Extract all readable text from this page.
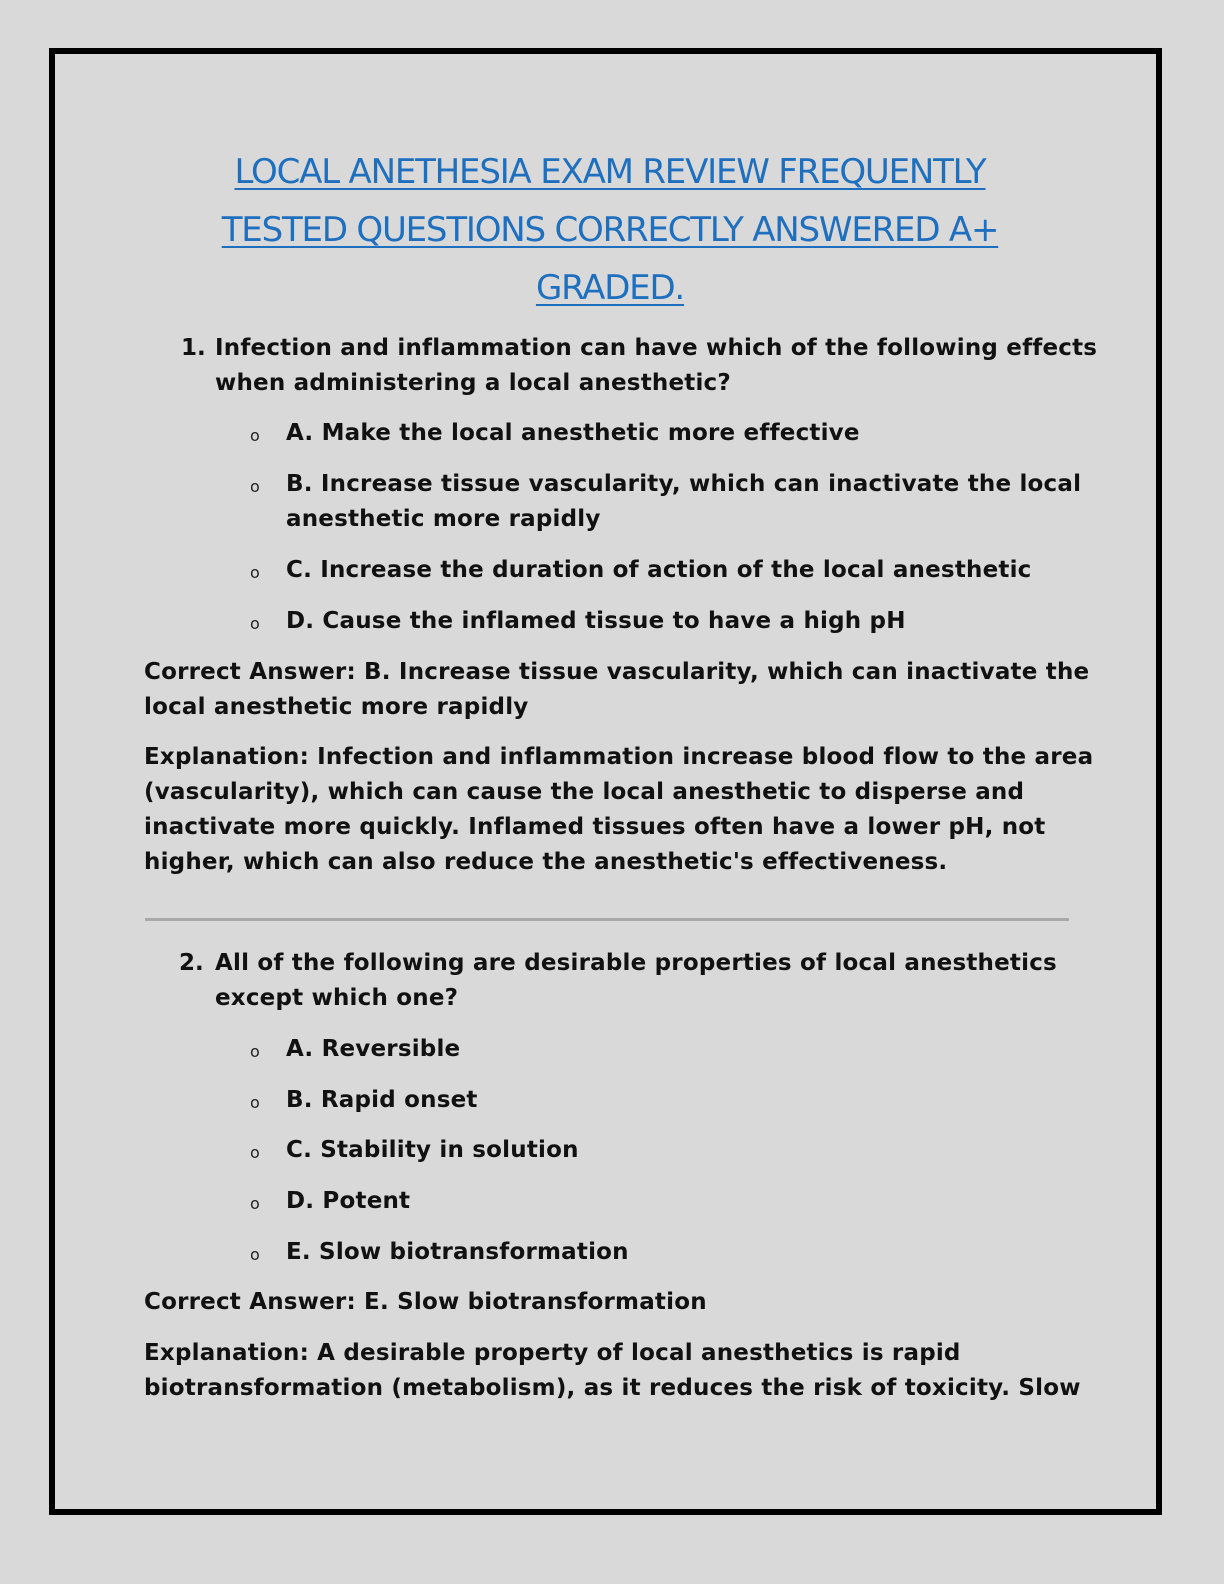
LOCAL ANETHESIA EXAM REVIEW FREQUENTLY
TESTED QUESTIONS CORRECTLY ANSWERED A+
GRADED.
1. Infection and inflammation can have which of the following effects
when administering a local anesthetic?

o A. Make the local anesthetic more effective

o B. Increase tissue vascularity, which can inactivate the local
anesthetic more rapidly

o C. Increase the duration of action of the local anesthetic

o D. Cause the inflamed tissue to have a high pH

Correct Answer: B. Increase tissue vascularity, which can inactivate the
local anesthetic more rapidly

Explanation: Infection and inflammation increase blood flow to the area
(vascularity), which can cause the local anesthetic to disperse and
inactivate more quickly. Inflamed tissues often have a lower pH, not
higher, which can also reduce the anesthetic's effectiveness.

2. All of the following are desirable properties of local anesthetics
except which one?

o A. Reversible

o B. Rapid onset

o C. Stability in solution

o D. Potent

o E. Slow biotransformation

Correct Answer: E. Slow biotransformation

Explanation: A desirable property of local anesthetics is rapid
biotransformation (metabolism), as it reduces the risk of toxicity. Slow
